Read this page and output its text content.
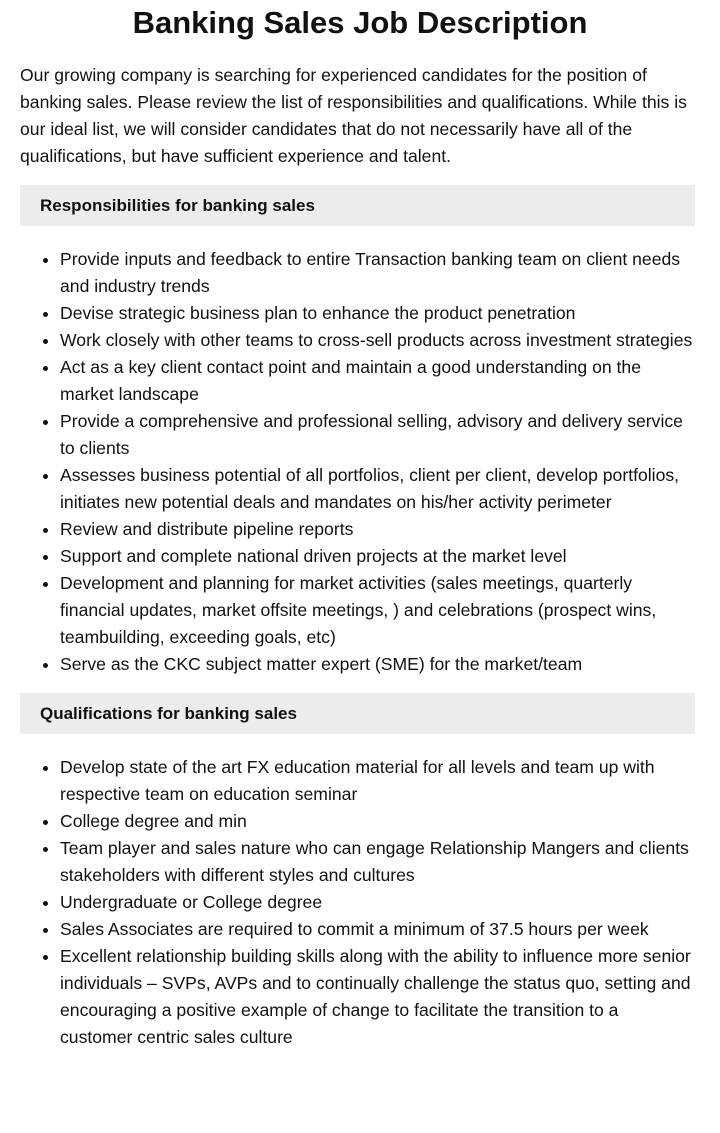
Banking Sales Job Description

Our growing company is searching for experienced candidates for the position of banking sales. Please review the list of responsibilities and qualifications. While this is our ideal list, we will consider candidates that do not necessarily have all of the qualifications, but have sufficient experience and talent.

Responsibilities for banking sales
• Provide inputs and feedback to entire Transaction banking team on client needs and industry trends
• Devise strategic business plan to enhance the product penetration
• Work closely with other teams to cross-sell products across investment strategies
• Act as a key client contact point and maintain a good understanding on the market landscape
• Provide a comprehensive and professional selling, advisory and delivery service to clients
• Assesses business potential of all portfolios, client per client, develop portfolios, initiates new potential deals and mandates on his/her activity perimeter
• Review and distribute pipeline reports
• Support and complete national driven projects at the market level
• Development and planning for market activities (sales meetings, quarterly financial updates, market offsite meetings, ) and celebrations (prospect wins, teambuilding, exceeding goals, etc)
• Serve as the CKC subject matter expert (SME) for the market/team
Qualifications for banking sales
• Develop state of the art FX education material for all levels and team up with respective team on education seminar
• College degree and min
• Team player and sales nature who can engage Relationship Mangers and clients stakeholders with different styles and cultures
• Undergraduate or College degree
• Sales Associates are required to commit a minimum of 37.5 hours per week
• Excellent relationship building skills along with the ability to influence more senior individuals – SVPs, AVPs and to continually challenge the status quo, setting and encouraging a positive example of change to facilitate the transition to a customer centric sales culture
